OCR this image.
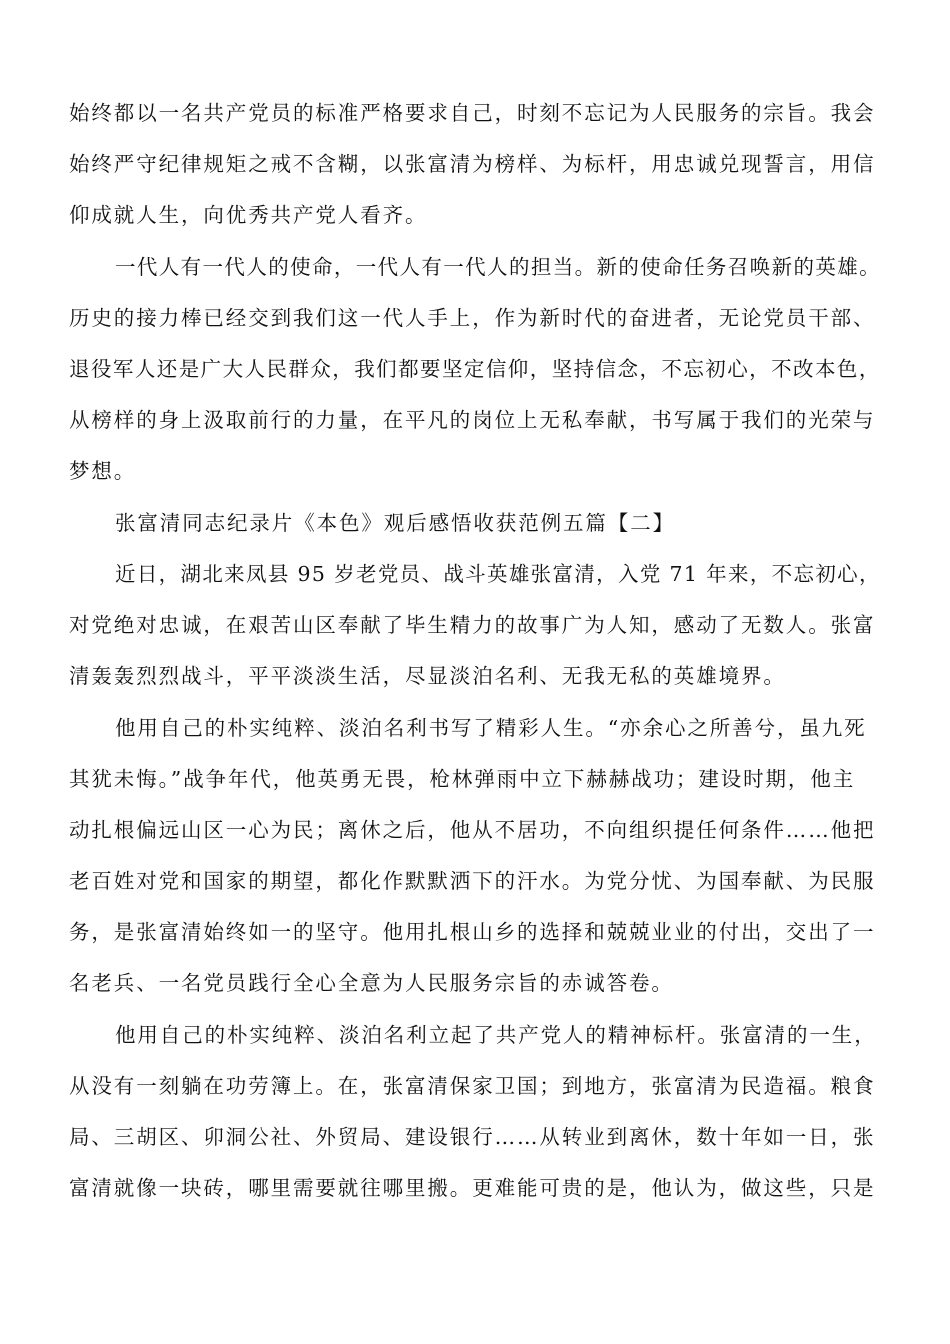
始终都以一名共产党员的标准严格要求自己，时刻不忘记为人民服务的宗旨。我会
始终严守纪律规矩之戒不含糊，以张富清为榜样、为标杆，用忠诚兑现誓言，用信
仰成就人生，向优秀共产党人看齐。
一代人有一代人的使命，一代人有一代人的担当。新的使命任务召唤新的英雄。
历史的接力棒已经交到我们这一代人手上，作为新时代的奋进者，无论党员干部、
退役军人还是广大人民群众，我们都要坚定信仰，坚持信念，不忘初心，不改本色，
从榜样的身上汲取前行的力量，在平凡的岗位上无私奉献，书写属于我们的光荣与
梦想。
张富清同志纪录片《本色》观后感悟收获范例五篇【二】
近日，湖北来凤县 95 岁老党员、战斗英雄张富清，入党 71 年来，不忘初心，
对党绝对忠诚，在艰苦山区奉献了毕生精力的故事广为人知，感动了无数人。张富
清轰轰烈烈战斗，平平淡淡生活，尽显淡泊名利、无我无私的英雄境界。
他用自己的朴实纯粹、淡泊名利书写了精彩人生。“亦余心之所善兮，虽九死
其犹未悔。”战争年代，他英勇无畏，枪林弹雨中立下赫赫战功；建设时期，他主
动扎根偏远山区一心为民；离休之后，他从不居功，不向组织提任何条件……他把
老百姓对党和国家的期望，都化作默默洒下的汗水。为党分忧、为国奉献、为民服
务，是张富清始终如一的坚守。他用扎根山乡的选择和兢兢业业的付出，交出了一
名老兵、一名党员践行全心全意为人民服务宗旨的赤诚答卷。
他用自己的朴实纯粹、淡泊名利立起了共产党人的精神标杆。张富清的一生，
从没有一刻躺在功劳簿上。在，张富清保家卫国；到地方，张富清为民造福。粮食
局、三胡区、卯洞公社、外贸局、建设银行……从转业到离休，数十年如一日，张
富清就像一块砖，哪里需要就往哪里搬。更难能可贵的是，他认为，做这些，只是
